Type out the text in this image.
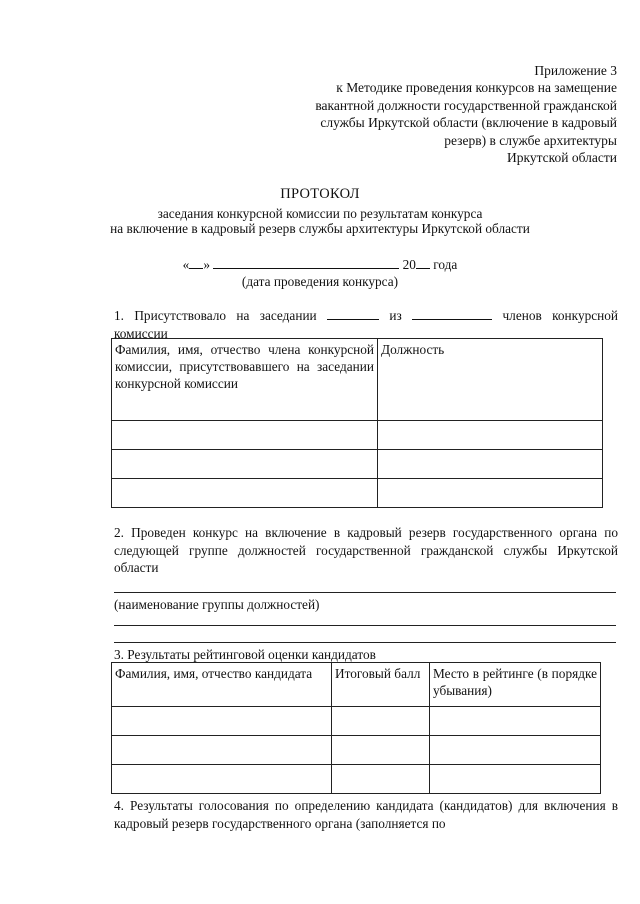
Приложение 3
к Методике проведения конкурсов на замещение
вакантной должности государственной гражданской
службы Иркутской области (включение в кадровый
резерв) в службе архитектуры
Иркутской области
ПРОТОКОЛ
заседания конкурсной комиссии по результатам конкурса
на включение в кадровый резерв службы архитектуры Иркутской области
« »	20 года
(дата проведения конкурса)
1. Присутствовало на заседании	из	членов конкурсной комиссии
Фамилия, имя, отчество члена конкурсной комиссии, присутствовавшего на заседании конкурсной комиссии	Должность

2. Проведен конкурс на включение в кадровый резерв государственного органа по следующей группе должностей государственной гражданской службы Иркутской области
(наименование группы должностей)
3. Результаты рейтинговой оценки кандидатов
Фамилия, имя, отчество кандидата	Итоговый балл	Место в рейтинге (в порядке убывания)

4. Результаты голосования по определению кандидата (кандидатов) для включения в кадровый резерв государственного органа (заполняется по
